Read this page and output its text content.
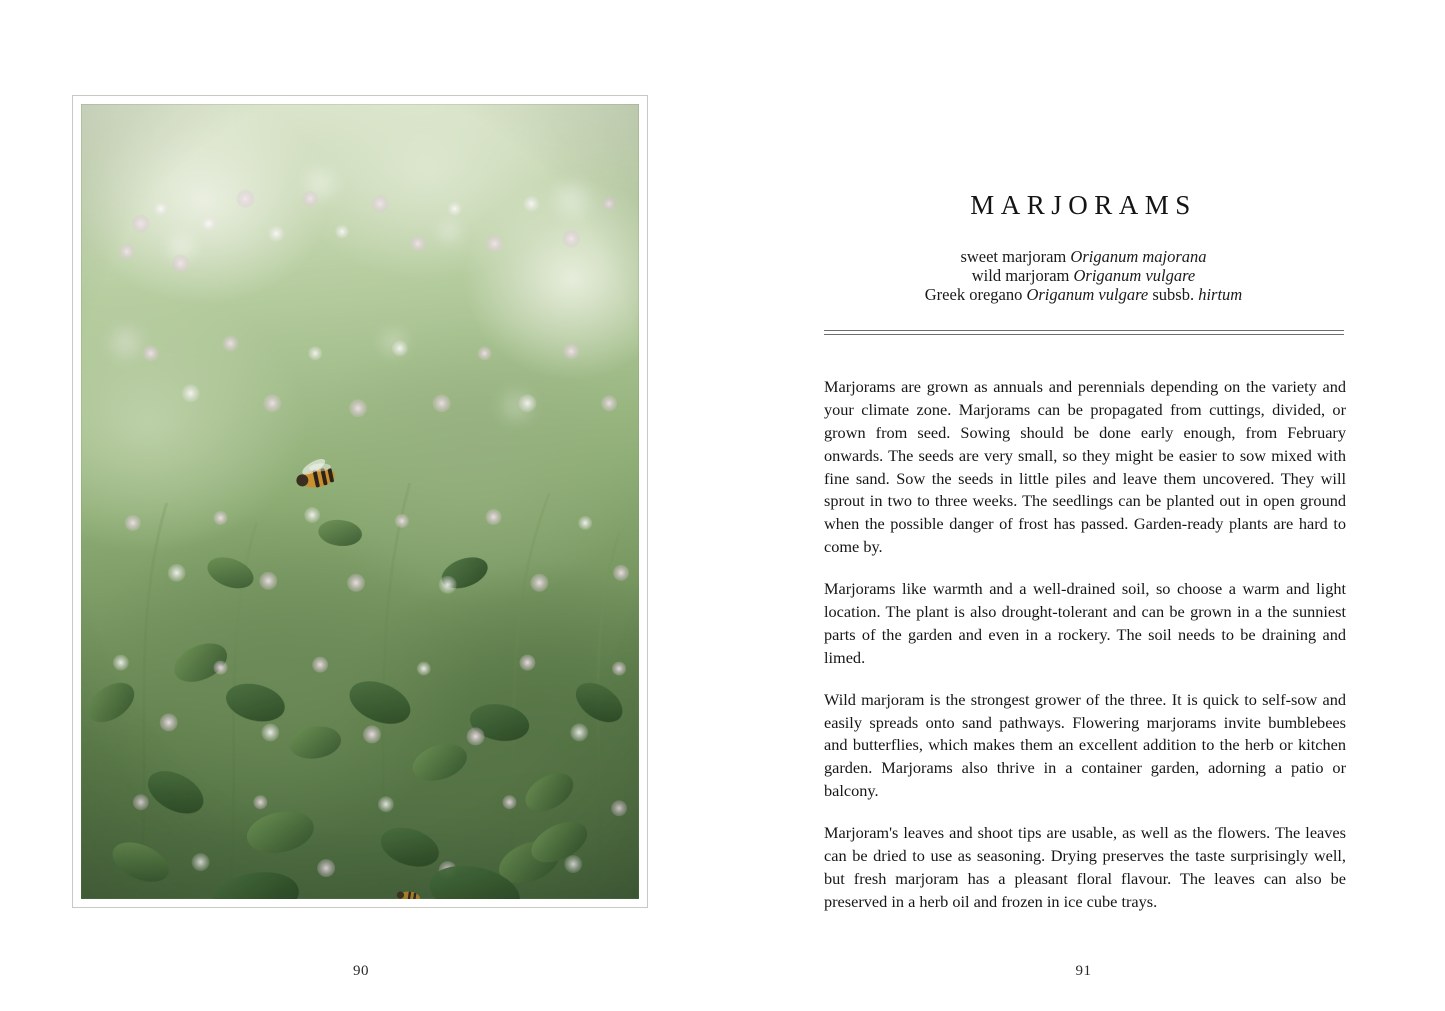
90
MARJORAMS
sweet marjoram Origanum majorana
wild marjoram Origanum vulgare
Greek oregano Origanum vulgare subsb. hirtum

Marjorams are grown as annuals and perennials depending on the variety and your climate zone. Marjorams can be propagated from cuttings, divided, or grown from seed. Sowing should be done early enough, from February onwards. The seeds are very small, so they might be easier to sow mixed with fine sand. Sow the seeds in little piles and leave them uncovered. They will sprout in two to three weeks. The seedlings can be planted out in open ground when the possible danger of frost has passed. Garden-ready plants are hard to come by.

Marjorams like warmth and a well-drained soil, so choose a warm and light location. The plant is also drought-tolerant and can be grown in a the sunniest parts of the garden and even in a rockery. The soil needs to be draining and limed.

Wild marjoram is the strongest grower of the three. It is quick to self-sow and easily spreads onto sand pathways. Flowering marjorams invite bumblebees and butterflies, which makes them an excellent addition to the herb or kitchen garden. Marjorams also thrive in a container garden, adorning a patio or balcony.

Marjoram's leaves and shoot tips are usable, as well as the flowers. The leaves can be dried to use as seasoning. Drying preserves the taste surprisingly well, but fresh marjoram has a pleasant floral flavour. The leaves can also be preserved in a herb oil and frozen in ice cube trays.

91
